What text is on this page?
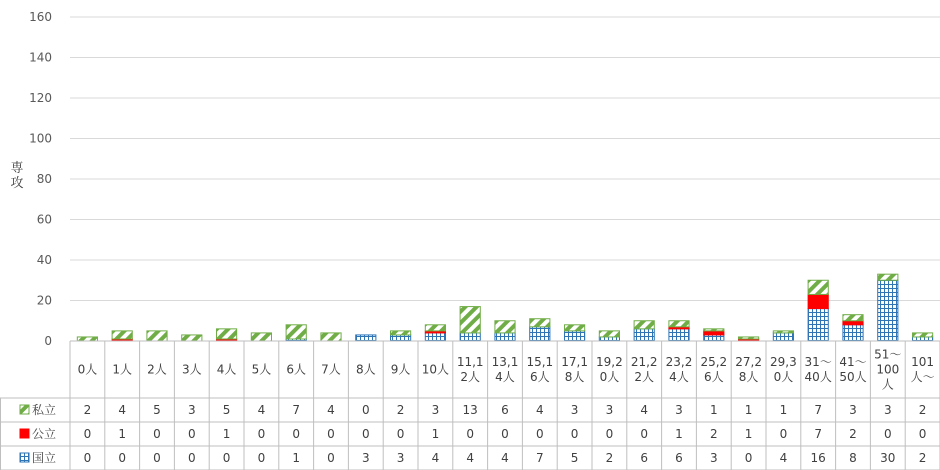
0
20
40
60
80
100
120
140
160
0人 1人 2人 3人 4人 5人 6人 7人 8人 9人 10人
11,1 2人
13,1 4人
15,1 6人
17,1 8人
19,2 0人
21,2 2人
23,2 4人
25,2 6人
27,2 8人
29,3 0人
31～ 40人
41～ 50人
51～ 100 人
101 人～
私立 2 4 5 3 5 4 7 4 0 2 3 13 6 4 3 3 4 3 1 1 1 7 3 3 2
公立 0 1 0 0 1 0 0 0 0 0 1 0 0 0 0 0 0 1 2 1 0 7 2 0 0
国立 0 0 0 0 0 0 1 0 3 3 4 4 4 7 5 2 6 6 3 0 4 16 8 30 2
専攻
